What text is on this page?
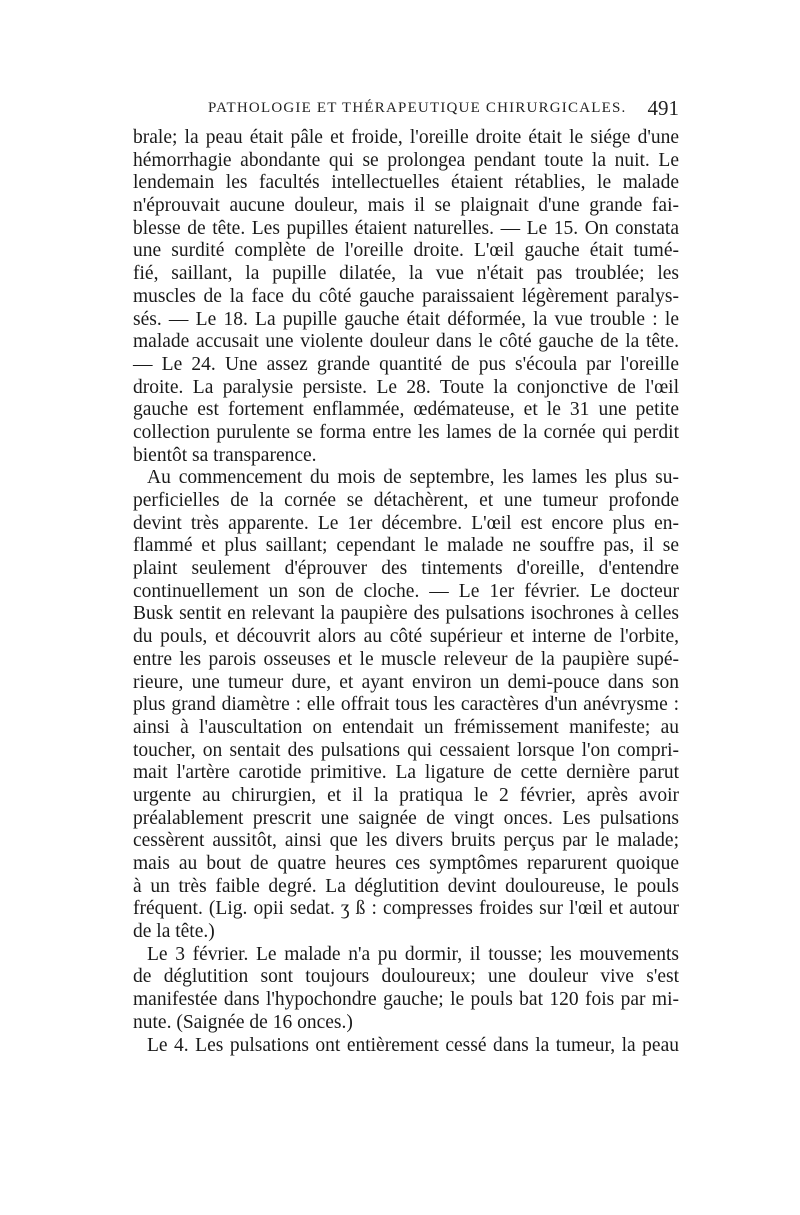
PATHOLOGIE ET THÉRAPEUTIQUE CHIRURGICALES. 491
brale; la peau était pâle et froide, l'oreille droite était le siége d'une
hémorrhagie abondante qui se prolongea pendant toute la nuit. Le
lendemain les facultés intellectuelles étaient rétablies, le malade
n'éprouvait aucune douleur, mais il se plaignait d'une grande fai-
blesse de tête. Les pupilles étaient naturelles. — Le 15. On constata
une surdité complète de l'oreille droite. L'œil gauche était tumé-
fié, saillant, la pupille dilatée, la vue n'était pas troublée; les
muscles de la face du côté gauche paraissaient légèrement paralys-
sés. — Le 18. La pupille gauche était déformée, la vue trouble : le
malade accusait une violente douleur dans le côté gauche de la tête.
— Le 24. Une assez grande quantité de pus s'écoula par l'oreille
droite. La paralysie persiste. Le 28. Toute la conjonctive de l'œil
gauche est fortement enflammée, œdémateuse, et le 31 une petite
collection purulente se forma entre les lames de la cornée qui perdit
bientôt sa transparence.
Au commencement du mois de septembre, les lames les plus su-
perficielles de la cornée se détachèrent, et une tumeur profonde
devint très apparente. Le 1er décembre. L'œil est encore plus en-
flammé et plus saillant; cependant le malade ne souffre pas, il se
plaint seulement d'éprouver des tintements d'oreille, d'entendre
continuellement un son de cloche. — Le 1er février. Le docteur
Busk sentit en relevant la paupière des pulsations isochrones à celles
du pouls, et découvrit alors au côté supérieur et interne de l'orbite,
entre les parois osseuses et le muscle releveur de la paupière supé-
rieure, une tumeur dure, et ayant environ un demi-pouce dans son
plus grand diamètre : elle offrait tous les caractères d'un anévrysme :
ainsi à l'auscultation on entendait un frémissement manifeste; au
toucher, on sentait des pulsations qui cessaient lorsque l'on compri-
mait l'artère carotide primitive. La ligature de cette dernière parut
urgente au chirurgien, et il la pratiqua le 2 février, après avoir
préalablement prescrit une saignée de vingt onces. Les pulsations
cessèrent aussitôt, ainsi que les divers bruits perçus par le malade;
mais au bout de quatre heures ces symptômes reparurent quoique
à un très faible degré. La déglutition devint douloureuse, le pouls
fréquent. (Lig. opii sedat. ʒ ß : compresses froides sur l'œil et autour
de la tête.)
Le 3 février. Le malade n'a pu dormir, il tousse; les mouvements
de déglutition sont toujours douloureux; une douleur vive s'est
manifestée dans l'hypochondre gauche; le pouls bat 120 fois par mi-
nute. (Saignée de 16 onces.)
Le 4. Les pulsations ont entièrement cessé dans la tumeur, la peau
